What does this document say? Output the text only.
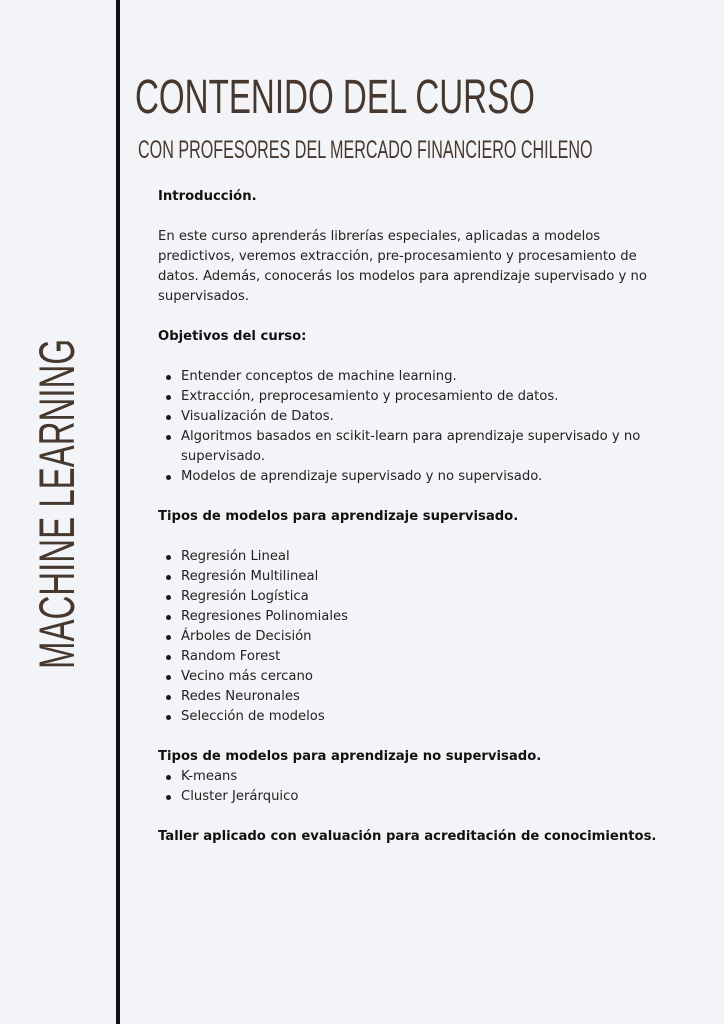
MACHINE LEARNING
CONTENIDO DEL CURSO
CON PROFESORES DEL MERCADO FINANCIERO CHILENO
Introducción.

En este curso aprenderás librerías especiales, aplicadas a modelos predictivos, veremos extracción, pre-procesamiento y procesamiento de datos. Además, conocerás los modelos para aprendizaje supervisado y no supervisados.

Objetivos del curso:
Entender conceptos de machine learning.
Extracción, preprocesamiento y procesamiento de datos.
Visualización de Datos.
Algoritmos basados en scikit-learn para aprendizaje supervisado y no supervisado.
Modelos de aprendizaje supervisado y no supervisado.
Tipos de modelos para aprendizaje supervisado.
Regresión Lineal
Regresión Multilineal
Regresión Logística
Regresiones Polinomiales
Árboles de Decisión
Random Forest
Vecino más cercano
Redes Neuronales
Selección de modelos
Tipos de modelos para aprendizaje no supervisado.
K-means
Cluster Jerárquico
Taller aplicado con evaluación para acreditación de conocimientos.
